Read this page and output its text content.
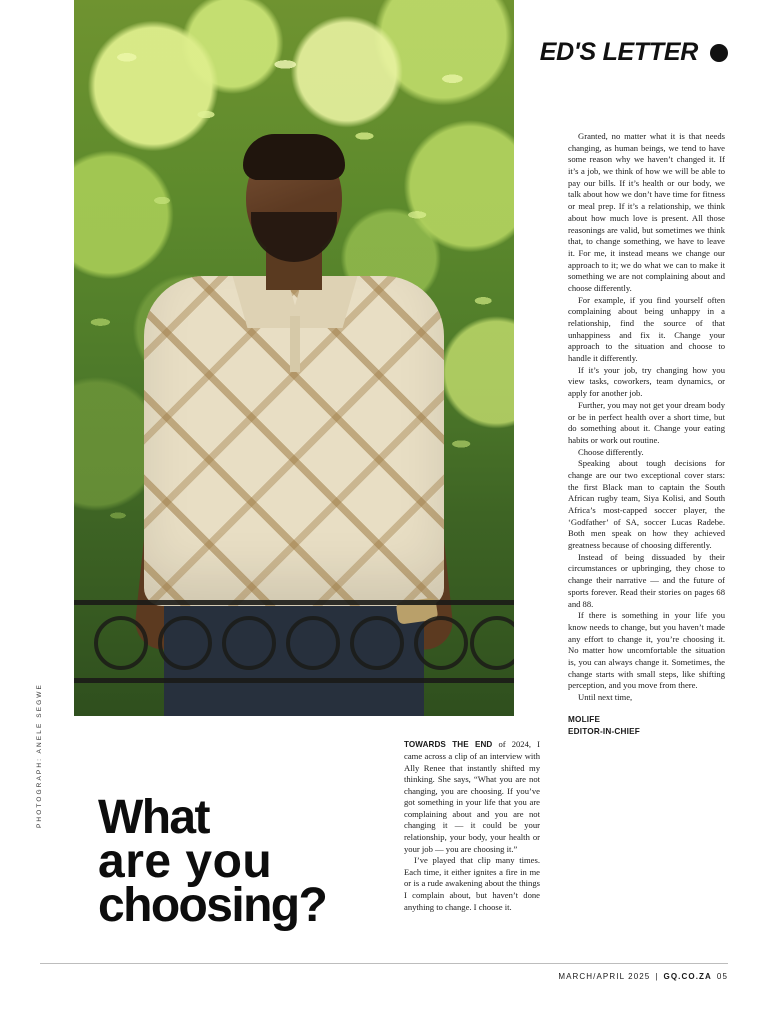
ED'S LETTER
PHOTOGRAPH: ANELE SEGWE What
are you
choosing?

TOWARDS THE END of 2024, I came across a clip of an interview with Ally Renee that instantly shifted my thinking. She says, “What you are not changing, you are choosing. If you’ve got something in your life that you are complaining about and you are not changing it — it could be your relationship, your body, your health or your job — you are choosing it.”

I’ve played that clip many times. Each time, it either ignites a fire in me or is a rude awakening about the things I complain about, but haven’t done anything to change. I choose it.

Granted, no matter what it is that needs changing, as human beings, we tend to have some reason why we haven’t changed it. If it’s a job, we think of how we will be able to pay our bills. If it’s health or our body, we talk about how we don’t have time for fitness or meal prep. If it’s a relationship, we think about how much love is present. All those reasonings are valid, but sometimes we think that, to change something, we have to leave it. For me, it instead means we change our approach to it; we do what we can to make it something we are not complaining about and choose differently.

For example, if you find yourself often complaining about being unhappy in a relationship, find the source of that unhappiness and fix it. Change your approach to the situation and choose to handle it differently.

If it’s your job, try changing how you view tasks, coworkers, team dynamics, or apply for another job.

Further, you may not get your dream body or be in perfect health over a short time, but do something about it. Change your eating habits or work out routine.

Choose differently.

Speaking about tough decisions for change are our two exceptional cover stars: the first Black man to captain the South African rugby team, Siya Kolisi, and South Africa’s most-capped soccer player, the ‘Godfather’ of SA, soccer Lucas Radebe. Both men speak on how they achieved greatness because of choosing differently.

Instead of being dissuaded by their circumstances or upbringing, they chose to change their narrative — and the future of sports forever. Read their stories on pages 68 and 88.

If there is something in your life you know needs to change, but you haven’t made any effort to change it, you’re choosing it. No matter how uncomfortable the situation is, you can always change it. Sometimes, the change starts with small steps, like shifting perception, and you move from there.

Until next time,

MOLIFE
EDITOR-IN-CHIEF
MARCH/APRIL 2025 | GQ.CO.ZA 05
